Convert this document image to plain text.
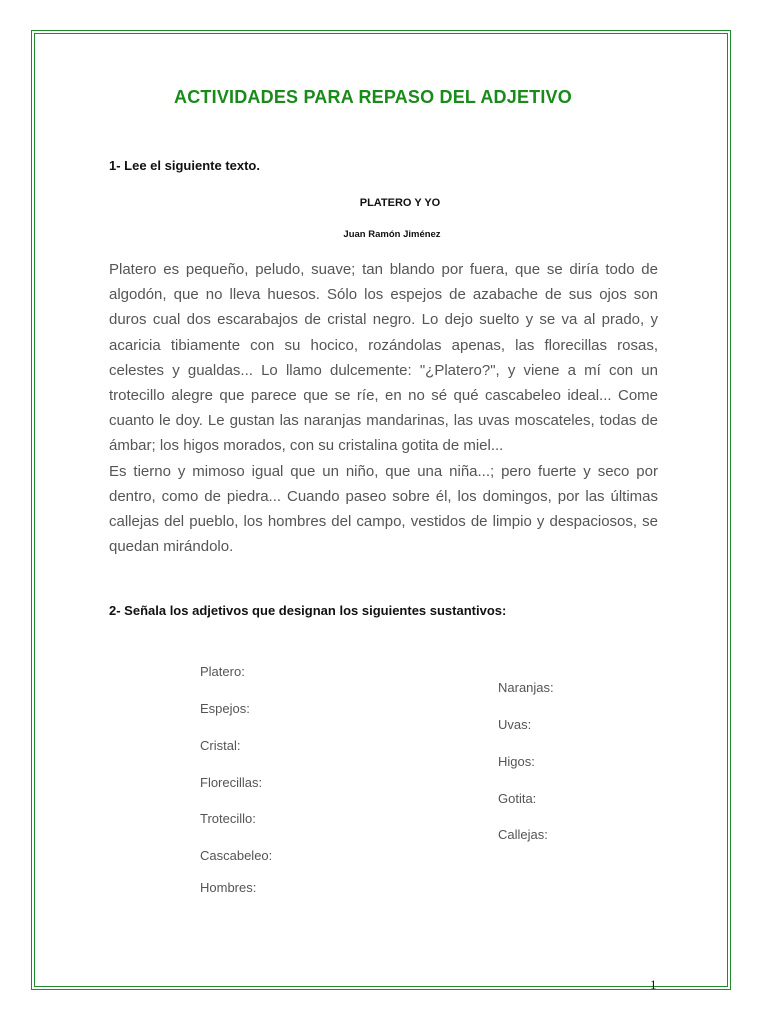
ACTIVIDADES PARA REPASO DEL ADJETIVO
1- Lee el siguiente texto.
PLATERO Y YO
Juan Ramón Jiménez

Platero es pequeño, peludo, suave; tan blando por fuera, que se diría todo de algodón, que no lleva huesos. Sólo los espejos de azabache de sus ojos son duros cual dos escarabajos de cristal negro. Lo dejo suelto y se va al prado, y acaricia tibiamente con su hocico, rozándolas apenas, las florecillas rosas, celestes y gualdas... Lo llamo dulcemente: "¿Platero?", y viene a mí con un trotecillo alegre que parece que se ríe, en no sé qué cascabeleo ideal... Come cuanto le doy. Le gustan las naranjas mandarinas, las uvas moscateles, todas de ámbar; los higos morados, con su cristalina gotita de miel...

Es tierno y mimoso igual que un niño, que una niña...; pero fuerte y seco por dentro, como de piedra... Cuando paseo sobre él, los domingos, por las últimas callejas del pueblo, los hombres del campo, vestidos de limpio y despaciosos, se quedan mirándolo.

2- Señala los adjetivos que designan los siguientes sustantivos:
Platero:
Espejos:
Cristal:
Florecillas:
Trotecillo:
Cascabeleo:
Hombres:
Naranjas:
Uvas:
Higos:
Gotita:
Callejas:
1
